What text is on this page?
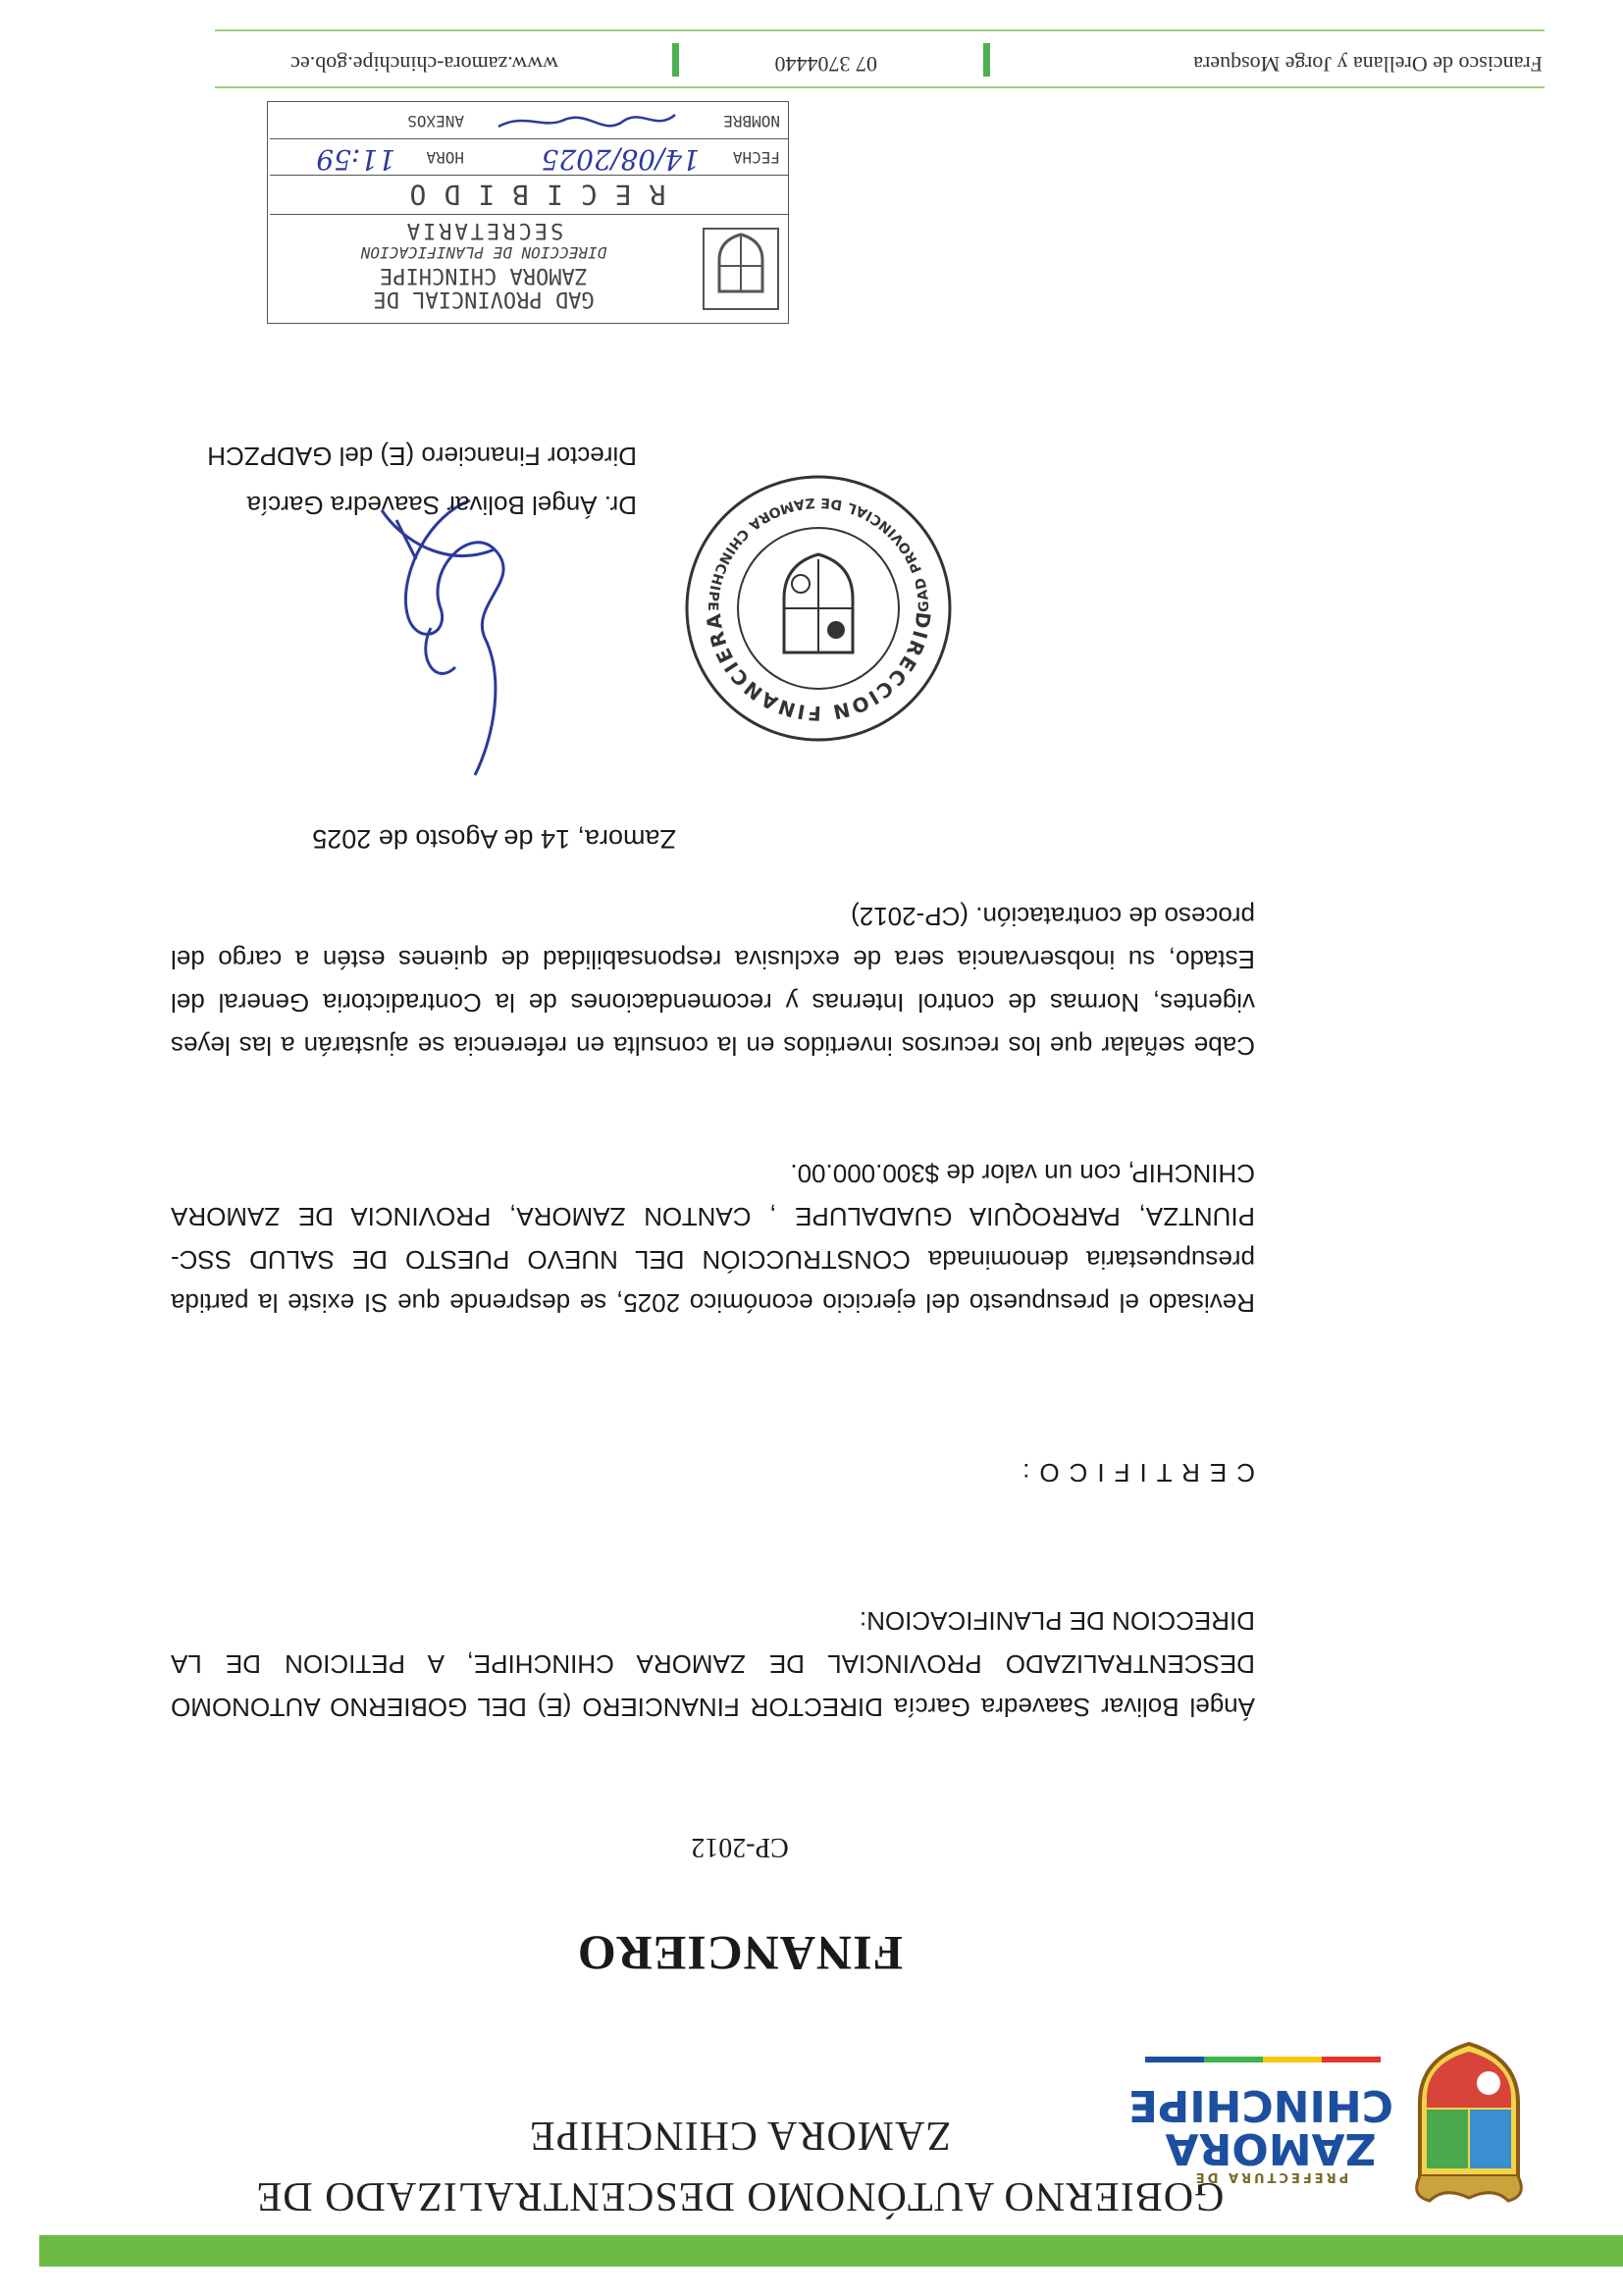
PREFECTURA DE
ZAMORA
CHINCHIPE
GOBIERNO AUTÓNOMO DESCENTRALIZADO DE
ZAMORA CHINCHIPE
FINANCIERO
CP-2012
Ángel Bolivar Saavedra García DIRECTOR FINANCIERO (E) DEL GOBIERNO AUTONOMO DESCENTRALIZADO PROVINCIAL DE ZAMORA CHINCHIPE, A PETICION DE LA DIRECCION DE PLANIFICACION:
CERTIFICO:
Revisado el presupuesto del ejercicio económico 2025, se desprende que SI existe la partida presupuestaria denominada CONSTRUCCIÓN DEL NUEVO PUESTO DE SALUD SSC-PIUNTZA, PARROQUIA GUADALUPE , CANTON ZAMORA, PROVINCIA DE ZAMORA CHINCHIP, con un valor de $300.000.00.
Cabe señalar que los recursos invertidos en la consulta en referencia se ajustarán a las leyes vigentes, Normas de control Internas y recomendaciones de la Contradictoria General del Estado, su inobservancia sera de exclusiva responsabilidad de quienes estén a cargo del proceso de contratación. (CP-2012)
Zamora, 14 de Agosto de 2025
DIRECCION FINANCIERA
GAD PROVINCIAL DE ZAMORA CHINCHIPE
Dr. Ángel Bolivar Saavedra García
Director Financiero (E) del GADPZCH
GAD PROVINCIAL DE
ZAMORA CHINCHIPE
DIRECCION DE PLANIFICACION
SECRETARIA
RECIBIDO
FECHA
14/08/2025
HORA
11:59
NOMBRE
ANEXOS
Francisco de Orellana y Jorge Mosquera
07 3704440
www.zamora-chinchipe.gob.ec
